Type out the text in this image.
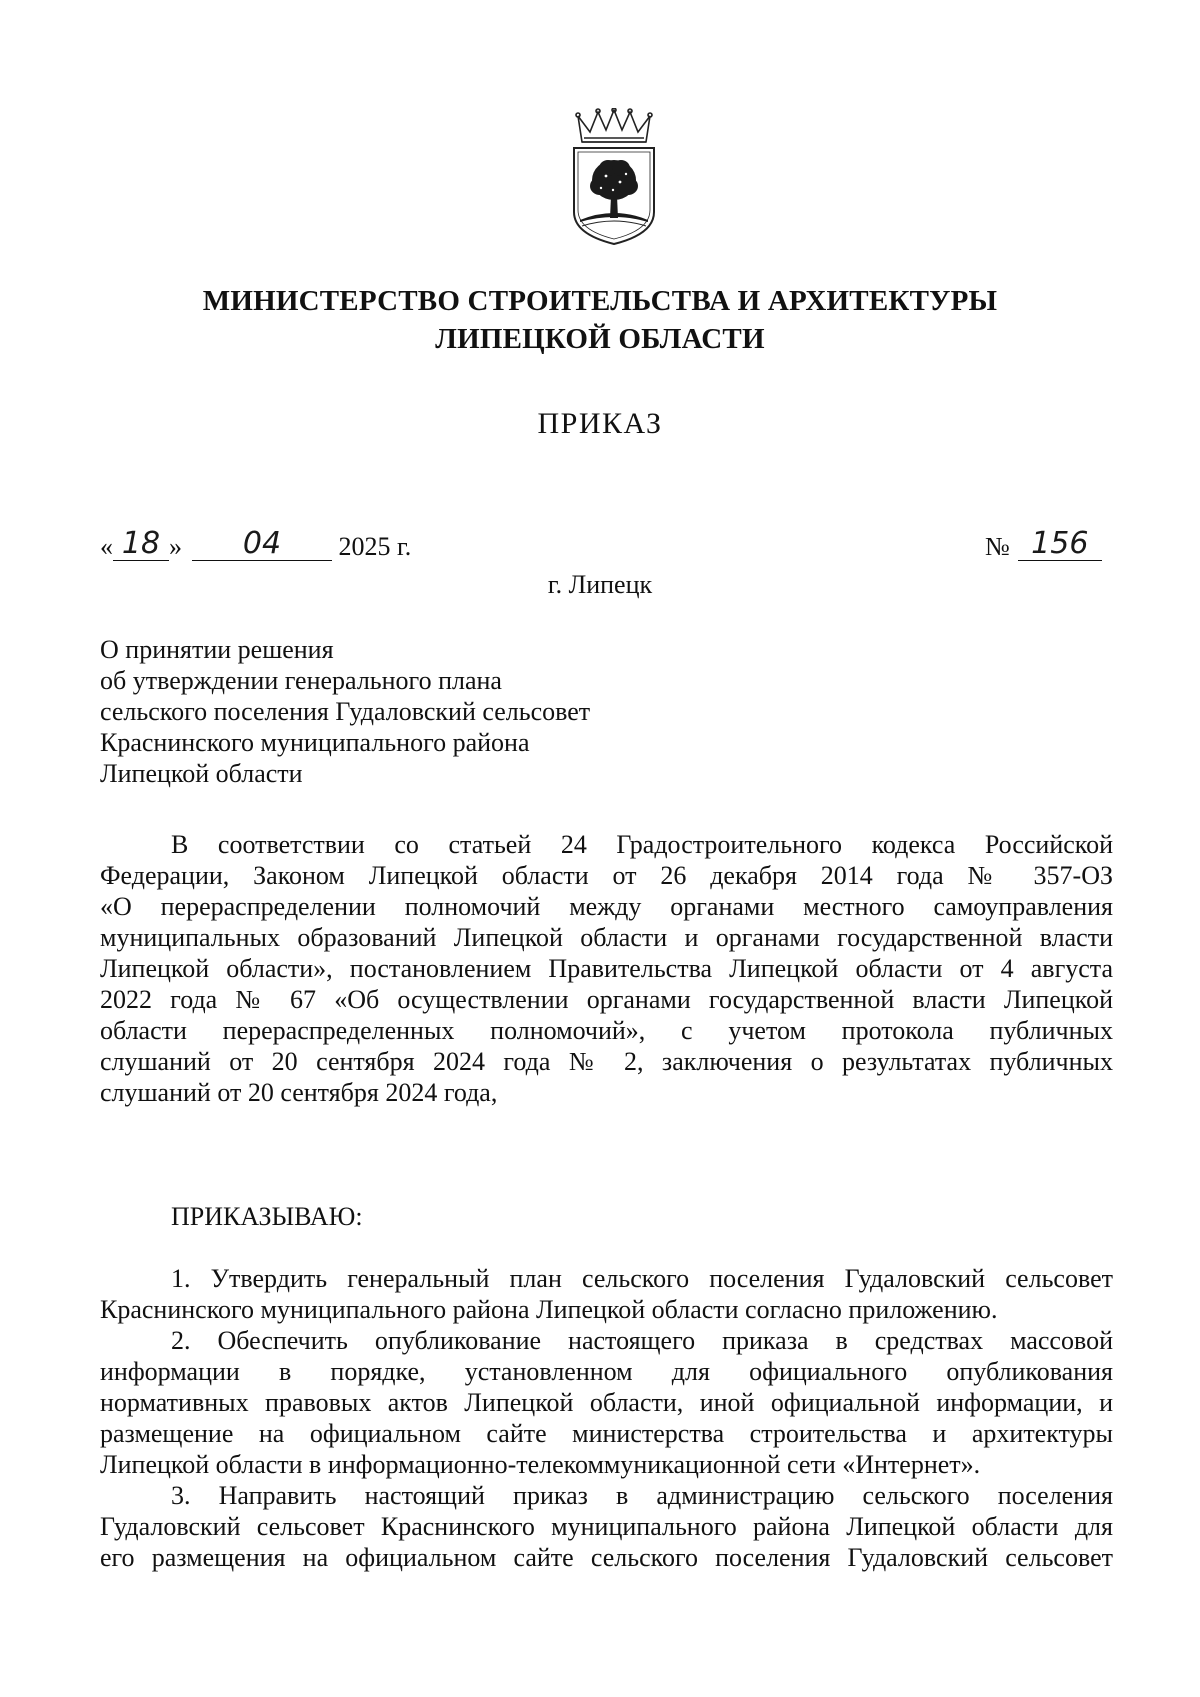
МИНИСТЕРСТВО СТРОИТЕЛЬСТВА И АРХИТЕКТУРЫ
ЛИПЕЦКОЙ ОБЛАСТИ
ПРИКАЗ
« 18 » 04 2025 г.	№ 156
г. Липецк
О принятии решения
об утверждении генерального плана
сельского поселения Гудаловский сельсовет
Краснинского муниципального района
Липецкой области
В соответствии со статьей 24 Градостроительного кодекса Российской
Федерации, Законом Липецкой области от 26 декабря 2014 года № 357-ОЗ
«О перераспределении полномочий между органами местного самоуправления
муниципальных образований Липецкой области и органами государственной власти
Липецкой области», постановлением Правительства Липецкой области от 4 августа
2022 года № 67 «Об осуществлении органами государственной власти Липецкой
области перераспределенных полномочий», с учетом протокола публичных
слушаний от 20 сентября 2024 года № 2, заключения о результатах публичных
слушаний от 20 сентября 2024 года,
ПРИКАЗЫВАЮ:
1. Утвердить генеральный план сельского поселения Гудаловский сельсовет
Краснинского муниципального района Липецкой области согласно приложению.
2. Обеспечить опубликование настоящего приказа в средствах массовой
информации в порядке, установленном для официального опубликования
нормативных правовых актов Липецкой области, иной официальной информации, и
размещение на официальном сайте министерства строительства и архитектуры
Липецкой области в информационно-телекоммуникационной сети «Интернет».
3. Направить настоящий приказ в администрацию сельского поселения
Гудаловский сельсовет Краснинского муниципального района Липецкой области для
его размещения на официальном сайте сельского поселения Гудаловский сельсовет
